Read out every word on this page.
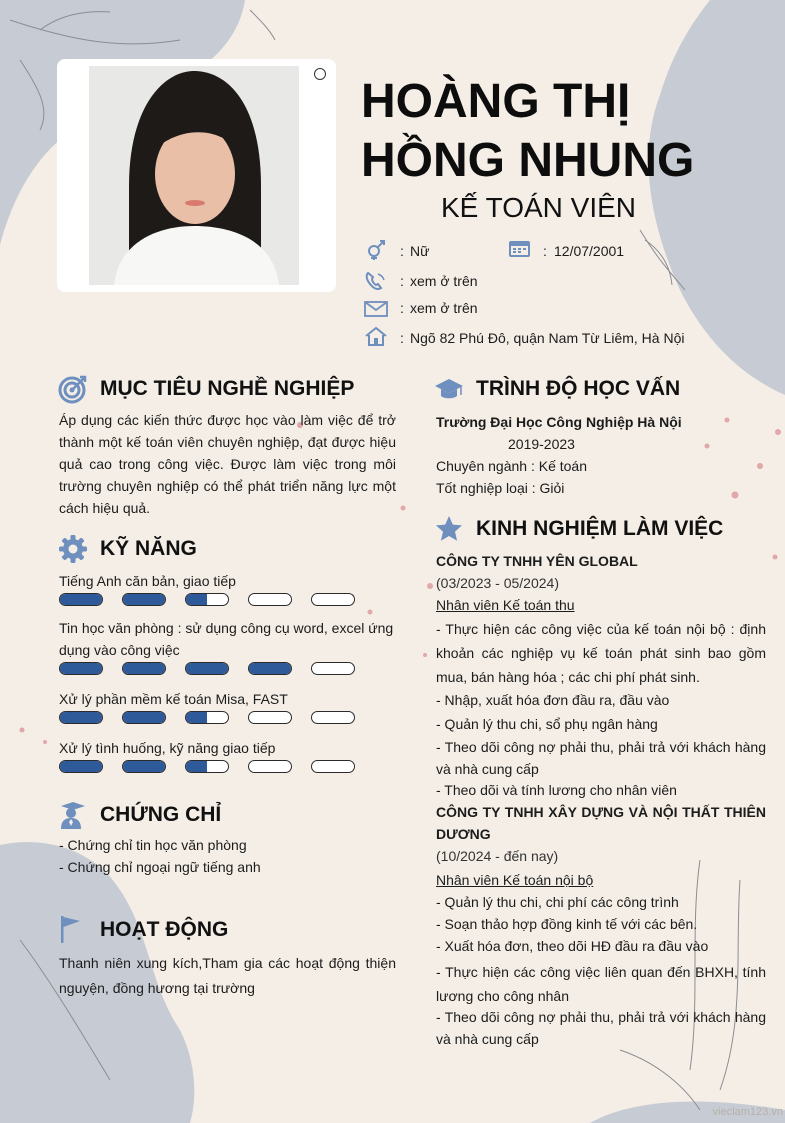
HOÀNG THỊ HỒNG NHUNG
KẾ TOÁN VIÊN
: Nữ	: 12/07/2001
: xem ở trên
: xem ở trên
: Ngõ 82 Phú Đô, quận Nam Từ Liêm, Hà Nội
MỤC TIÊU NGHỀ NGHIỆP
Áp dụng các kiến thức được học vào làm việc để trở thành một kế toán viên chuyên nghiệp, đạt được hiệu quả cao trong công việc. Được làm việc trong môi trường chuyên nghiệp có thể phát triển năng lực một cách hiệu quả.
KỸ NĂNG
Tiếng Anh căn bản, giao tiếp
Tin học văn phòng : sử dụng công cụ word, excel ứng dụng vào công việc
Xử lý phần mềm kế toán Misa, FAST
Xử lý tình huống, kỹ năng giao tiếp
CHỨNG CHỈ
- Chứng chỉ tin học văn phòng
- Chứng chỉ ngoại ngữ tiếng anh
HOẠT ĐỘNG
Thanh niên xung kích,Tham gia các hoạt động thiện nguyện, đồng hương tại trường
TRÌNH ĐỘ HỌC VẤN
Trường Đại Học Công Nghiệp Hà Nội
2019-2023
Chuyên ngành : Kế toán
Tốt nghiệp loại : Giỏi
KINH NGHIỆM LÀM VIỆC
CÔNG TY TNHH YÊN GLOBAL
(03/2023 - 05/2024)
Nhân viên Kế toán thu
- Thực hiện các công việc của kế toán nội bộ : định khoản các nghiệp vụ kế toán phát sinh bao gồm mua, bán hàng hóa ; các chi phí phát sinh.
- Nhập, xuất hóa đơn đầu ra, đầu vào
- Quản lý thu chi, sổ phụ ngân hàng
- Theo dõi công nợ phải thu, phải trả với khách hàng và nhà cung cấp
- Theo dõi và tính lương cho nhân viên
CÔNG TY TNHH XÂY DỰNG VÀ NỘI THẤT THIÊN DƯƠNG
(10/2024 - đến nay)
Nhân viên Kế toán nội bộ
- Quản lý thu chi, chi phí các công trình
- Soạn thảo hợp đồng kinh tế với các bên.
- Xuất hóa đơn, theo dõi HĐ đầu ra đầu vào
- Thực hiện các công việc liên quan đến BHXH, tính lương cho công nhân
- Theo dõi công nợ phải thu, phải trả với khách hàng và nhà cung cấp
vieclam123.vn
